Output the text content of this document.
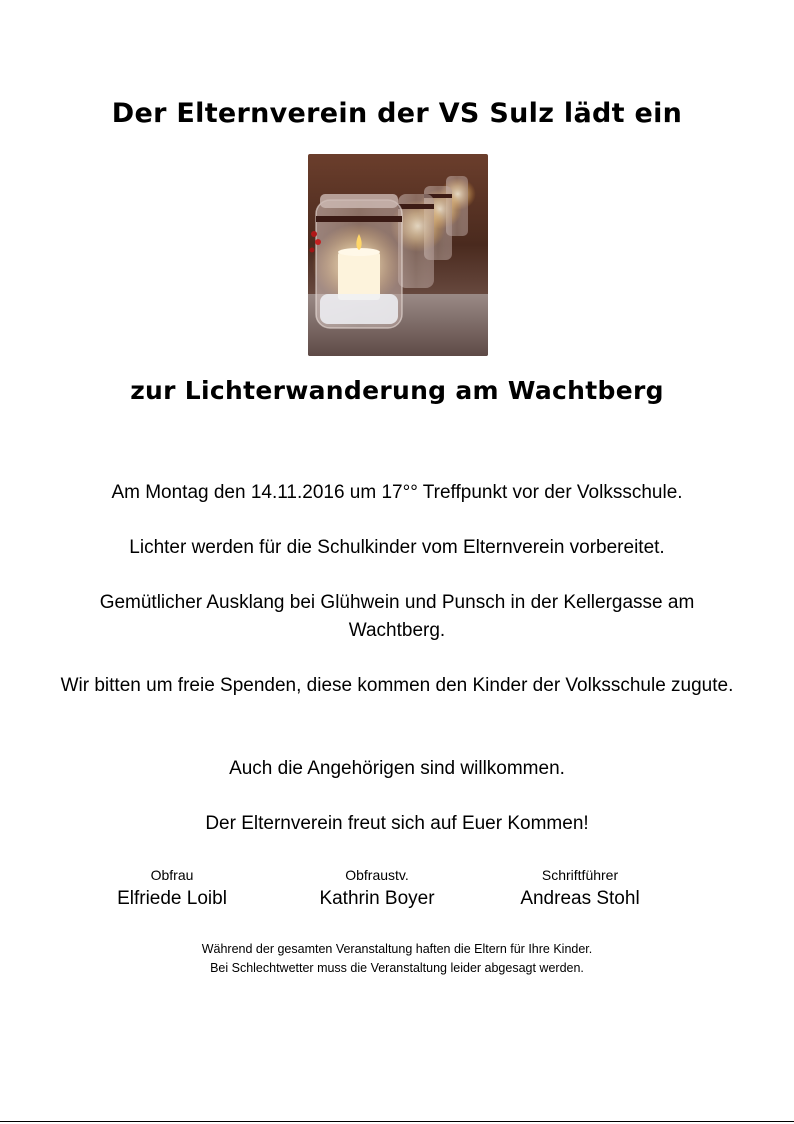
Der Elternverein der VS Sulz lädt ein
zur Lichterwanderung am Wachtberg

Am Montag den 14.11.2016 um 17°° Treffpunkt vor der Volksschule.

Lichter werden für die Schulkinder vom Elternverein vorbereitet.

Gemütlicher Ausklang bei Glühwein und Punsch in der Kellergasse am Wachtberg.

Wir bitten um freie Spenden, diese kommen den Kinder der Volksschule zugute.

Auch die Angehörigen sind willkommen.

Der Elternverein freut sich auf Euer Kommen!

Obfrau
Elfriede Loibl
Obfraustv.
Kathrin Boyer
Schriftführer
Andreas Stohl

Während der gesamten Veranstaltung haften die Eltern für Ihre Kinder.

Bei Schlechtwetter muss die Veranstaltung leider abgesagt werden.
